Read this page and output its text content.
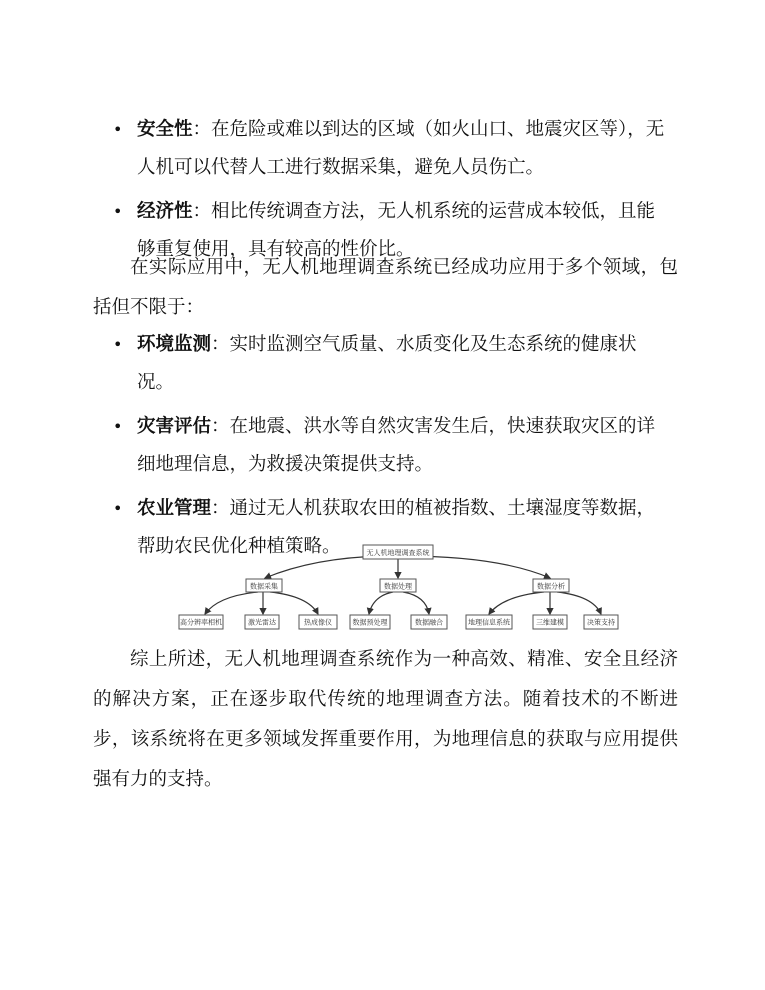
• 安全性：在危险或难以到达的区域（如火山口、地震灾区等），无人机可以代替人工进行数据采集，避免人员伤亡。
• 经济性：相比传统调查方法，无人机系统的运营成本较低，且能够重复使用，具有较高的性价比。

在实际应用中，无人机地理调查系统已经成功应用于多个领域，包括但不限于：

• 环境监测：实时监测空气质量、水质变化及生态系统的健康状况。
• 灾害评估：在地震、洪水等自然灾害发生后，快速获取灾区的详细地理信息，为救援决策提供支持。
• 农业管理：通过无人机获取农田的植被指数、土壤湿度等数据，帮助农民优化种植策略。	无人机地理调查系统
数据采集	数据处理	数据分析
高分辨率相机	激光雷达	热成像仪	数据预处理	数据融合	地理信息系统	三维建模	决策支持

综上所述，无人机地理调查系统作为一种高效、精准、安全且经济的解决方案，正在逐步取代传统的地理调查方法。随着技术的不断进步，该系统将在更多领域发挥重要作用，为地理信息的获取与应用提供强有力的支持。
